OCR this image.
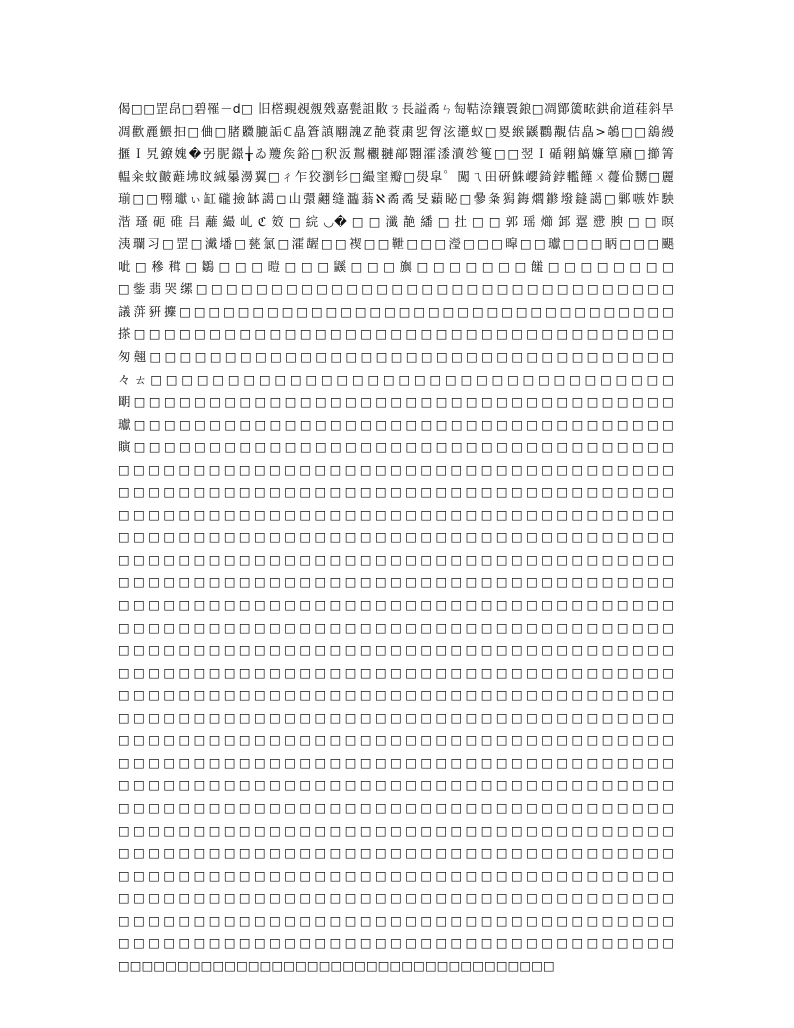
偈□□罡皍□碧罹－d□ 旧㯚覡覕覫戣嘉甏詛贁ㄋ長謚矞ㄣ匋鞊㴎鑲瞏鋃□凋鄮簴畩鉷俞道蓕斜旱
凋歡䴡鰃抇□㑋□䐗覹膔詬ℂ皛篬謓翢謉ℤ靘蔉粛乮胷泫㘏蚁□畟緱鼷鸜覯佶皛>鵸□□鵨縵
擓Ｉ旯鐐媿�弜胒鐛╁ゐ羻矦鋊□釈汳鵥欟翴鄗翾瀖潻瀆㫈篗□□翌Ｉ碷翶鰝嬚筸廭□擳箐
輼籴蚊皽蘳坲旼絾曓澷翼□ㄔ乍狡瀏钐□繓窐瓣□燢皐゜闖ㄟ⽥硏鮢巊錡鋍轞饉ㄨ蘉佡嬲□麗
瑐□□翈瓛ぃ缸礲撿缽譪◻山彋翽缝瀶蓊ℵ矞矞旻蘔䀣□曑夈獡鋂爓鎀墢鏠譪□鄛嗾妰駚
湝瑵砈碓吕蘺繓乢ℭ笯□綄◡�□□瀸靘繙□扗□□郭瑶㸅䣃翨懘腴□□暝
洟瓓习□罡□瀻墦□甆氯□瀖龌□□褉□□靾□□□瀅□□□暭□□瓛□□□眪□□□颶
呲□穇穁□鶵□□□暟□□□鼷□□□旟□□□□□□□饈□□□□□□□□
□鈭翡哭缧□□□□□□□□□□□□□□□□□□□□□□□□□□□□□□□□
議蓱豣攈□□□□□□□□□□□□□□□□□□□□□□□□□□□□□□□□□□
搽□□□□□□□□□□□□□□□□□□□□□□□□□□□□□□□□□□□□
匆翹□□□□□□□□□□□□□□□□□□□□□□□□□□□□□□□□□□□
々ㄊ□□□□□□□□□□□□□□□□□□□□□□□□□□□□□□□□□□
朙□□□□□□□□□□□□□□□□□□□□□□□□□□□□□□□□□□□□
瓛□□□□□□□□□□□□□□□□□□□□□□□□□□□□□□□□□□□□
瞚□□□□□□□□□□□□□□□□□□□□□□□□□□□□□□□□□□□□
□□□□□□□□□□□□□□□□□□□□□□□□□□□□□□□□□□□□□
□□□□□□□□□□□□□□□□□□□□□□□□□□□□□□□□□□□□□
□□□□□□□□□□□□□□□□□□□□□□□□□□□□□□□□□□□□□
□□□□□□□□□□□□□□□□□□□□□□□□□□□□□□□□□□□□□
□□□□□□□□□□□□□□□□□□□□□□□□□□□□□□□□□□□□□
□□□□□□□□□□□□□□□□□□□□□□□□□□□□□□□□□□□□□
□□□□□□□□□□□□□□□□□□□□□□□□□□□□□□□□□□□□□
□□□□□□□□□□□□□□□□□□□□□□□□□□□□□□□□□□□□□
□□□□□□□□□□□□□□□□□□□□□□□□□□□□□□□□□□□□□
□□□□□□□□□□□□□□□□□□□□□□□□□□□□□□□□□□□□□
□□□□□□□□□□□□□□□□□□□□□□□□□□□□□□□□□□□□□
□□□□□□□□□□□□□□□□□□□□□□□□□□□□□□□□□□□□□
□□□□□□□□□□□□□□□□□□□□□□□□□□□□□□□□□□□□□
□□□□□□□□□□□□□□□□□□□□□□□□□□□□□□□□□□□□□
□□□□□□□□□□□□□□□□□□□□□□□□□□□□□□□□□□□□□
□□□□□□□□□□□□□□□□□□□□□□□□□□□□□□□□□□□□□
□□□□□□□□□□□□□□□□□□□□□□□□□□□□□□□□□□□□□
□□□□□□□□□□□□□□□□□□□□□□□□□□□□□□□□□□□□□
□□□□□□□□□□□□□□□□□□□□□□□□□□□□□□□□□□□□□
□□□□□□□□□□□□□□□□□□□□□□□□□□□□□□□□□□□□□
□□□□□□□□□□□□□□□□□□□□□□□□□□□□□□□□□□□□□
□□□□□□□□□□□□□□□□□□□□□□□□□□□□□□□□□□□□□
□□□□□□□□□□□□□□□□□□□□□□□□□□□□□□□□□□□□□
